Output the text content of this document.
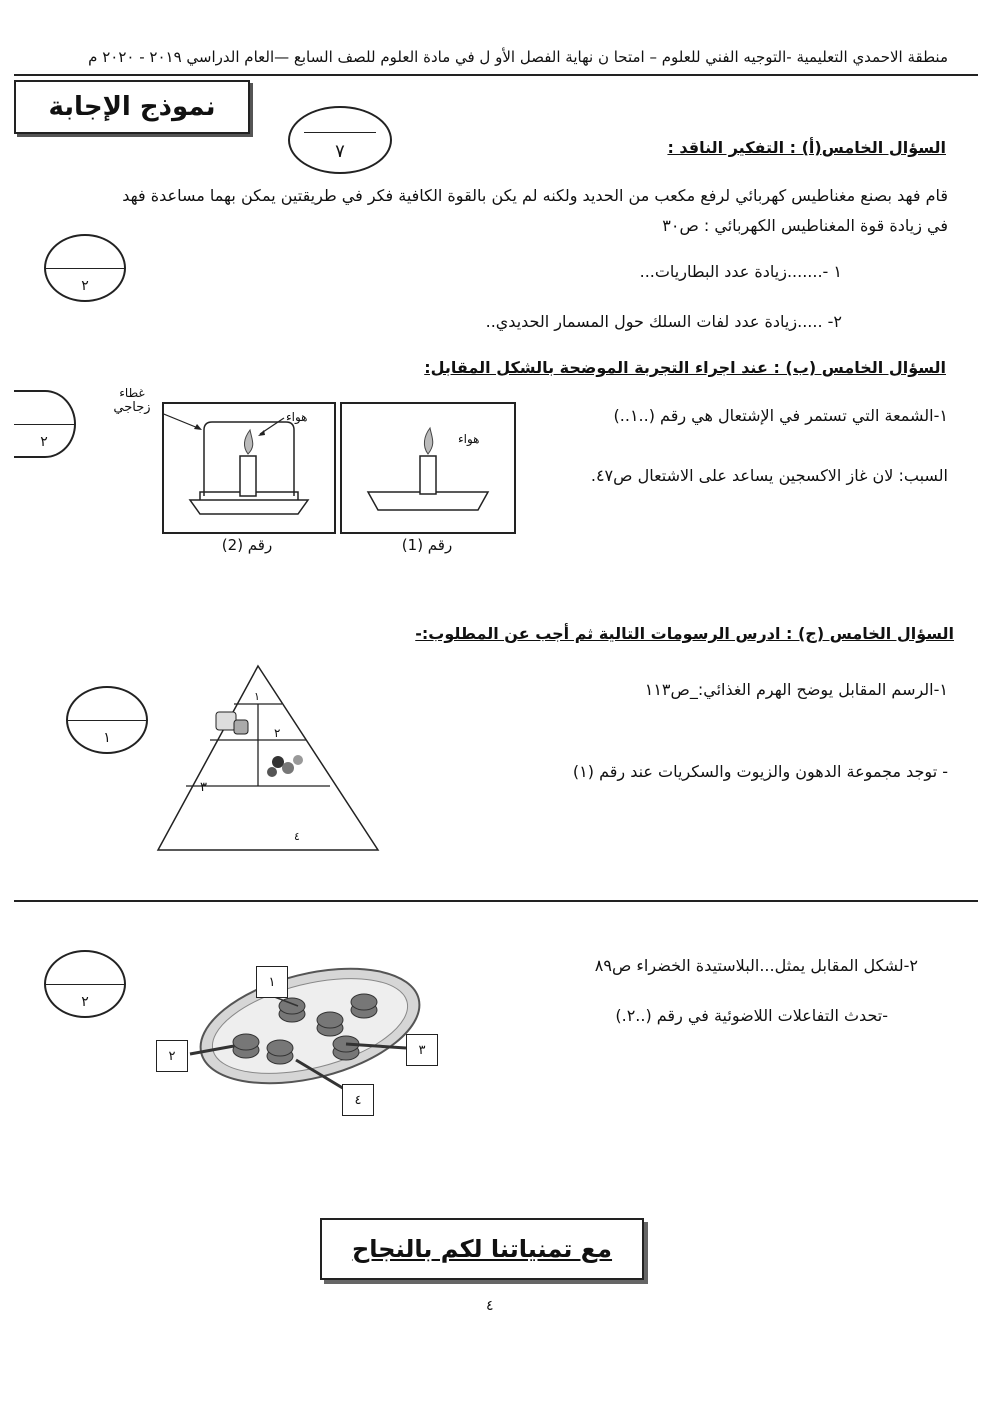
منطقة الاحمدي التعليمية -التوجيه الفني للعلوم – امتحا ن نهاية الفصل الأو ل في مادة العلوم للصف السابع —العام الدراسي ٢٠١٩ - ٢٠٢٠ م
نموذج الإجابة
٧	السؤال الخامس(أ) : التفكير الناقد :
قام فهد بصنع مغناطيس كهربائي لرفع مكعب من الحديد ولكنه لم يكن بالقوة الكافية فكر في طريقتين يمكن بهما مساعدة فهد
في زيادة قوة المغناطيس الكهربائي : ص٣٠
٢
١ -.......زيادة عدد البطاريات...
٢- .....زيادة عدد لفات السلك حول المسمار الحديدي..
السؤال الخامس (ب) : عند اجراء التجربة الموضحة بالشكل المقابل:
٢
١-الشمعة التي تستمر في الإشتعال هي رقم (..١..)
السبب: لان غاز الاكسجين يساعد على الاشتعال ص٤٧.
هواء
رقم (1)
هواء
غطاء
زجاجي
رقم (2)
السؤال الخامس (ج) : ادرس الرسومات التالية ثم أجب عن المطلوب:-
١
١-الرسم المقابل يوضح الهرم الغذائي:_ص١١٣
- توجد مجموعة الدهون والزيوت والسكريات عند رقم (١)
١
٢
٣
٤
٢
٢-لشكل المقابل يمثل...البلاستيدة الخضراء ص٨٩
-تحدث التفاعلات اللاضوئية في رقم (..٢.)
١
٢	٣
٤
مع تمنياتنا لكم بالنجاح
٤
